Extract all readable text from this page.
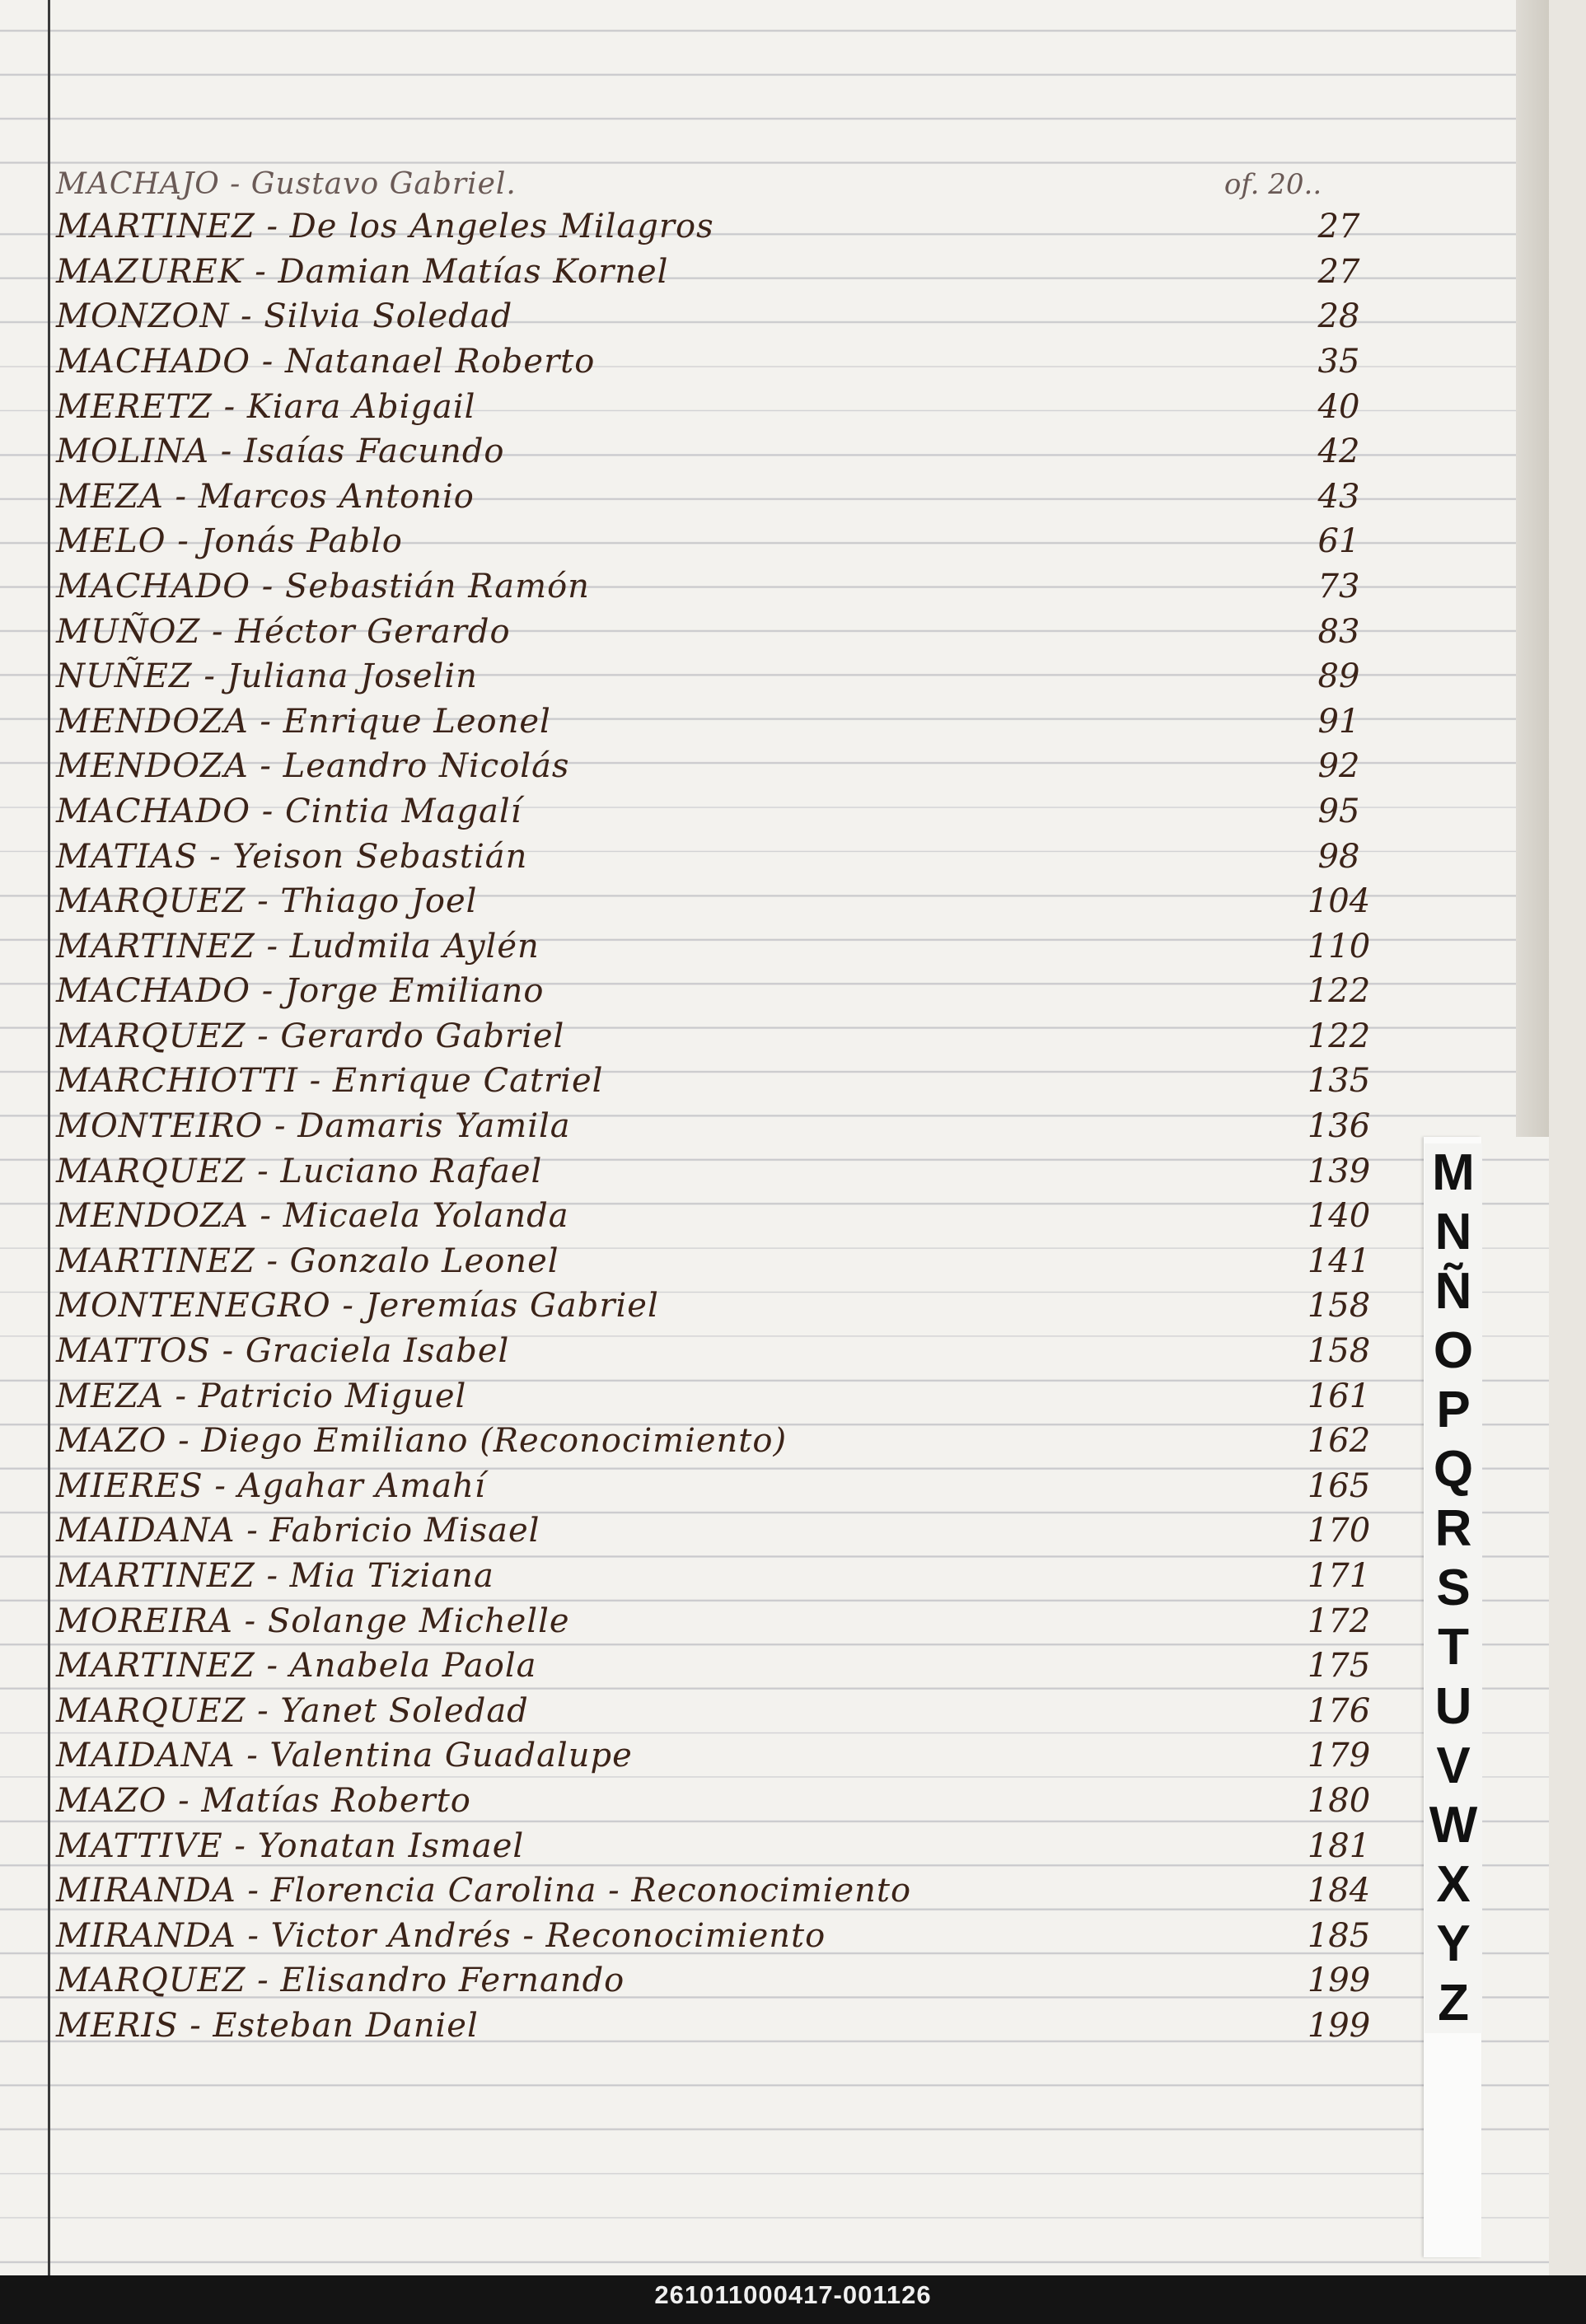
MACHAJO - Gustavo Gabriel.	of. 20..
MARTINEZ - De los Angeles Milagros	27
MAZUREK - Damian Matías Kornel	27
MONZON - Silvia Soledad	28
MACHADO - Natanael Roberto	35
MERETZ - Kiara Abigail	40
MOLINA - Isaías Facundo	42
MEZA - Marcos Antonio	43
MELO - Jonás Pablo	61
MACHADO - Sebastián Ramón	73
MUÑOZ - Héctor Gerardo	83
NUÑEZ - Juliana Joselin	89
MENDOZA - Enrique Leonel	91
MENDOZA - Leandro Nicolás	92
MACHADO - Cintia Magalí	95
MATIAS - Yeison Sebastián	98
MARQUEZ - Thiago Joel	104
MARTINEZ - Ludmila Aylén	110
MACHADO - Jorge Emiliano	122
MARQUEZ - Gerardo Gabriel	122
MARCHIOTTI - Enrique Catriel	135
MONTEIRO - Damaris Yamila	136
MARQUEZ - Luciano Rafael	139
MENDOZA - Micaela Yolanda	140
MARTINEZ - Gonzalo Leonel	141
MONTENEGRO - Jeremías Gabriel	158
MATTOS - Graciela Isabel	158
MEZA - Patricio Miguel	161
MAZO - Diego Emiliano (Reconocimiento)	162
MIERES - Agahar Amahí	165
MAIDANA - Fabricio Misael	170
MARTINEZ - Mia Tiziana	171
MOREIRA - Solange Michelle	172
MARTINEZ - Anabela Paola	175
MARQUEZ - Yanet Soledad	176
MAIDANA - Valentina Guadalupe	179
MAZO - Matías Roberto	180
MATTIVE - Yonatan Ismael	181
MIRANDA - Florencia Carolina - Reconocimiento	184
MIRANDA - Victor Andrés - Reconocimiento	185
MARQUEZ - Elisandro Fernando	199
MERIS - Esteban Daniel	199
M
N
Ñ
O
P
Q
R
S
T
U
V
W
X
Y
Z
261011000417-001126
